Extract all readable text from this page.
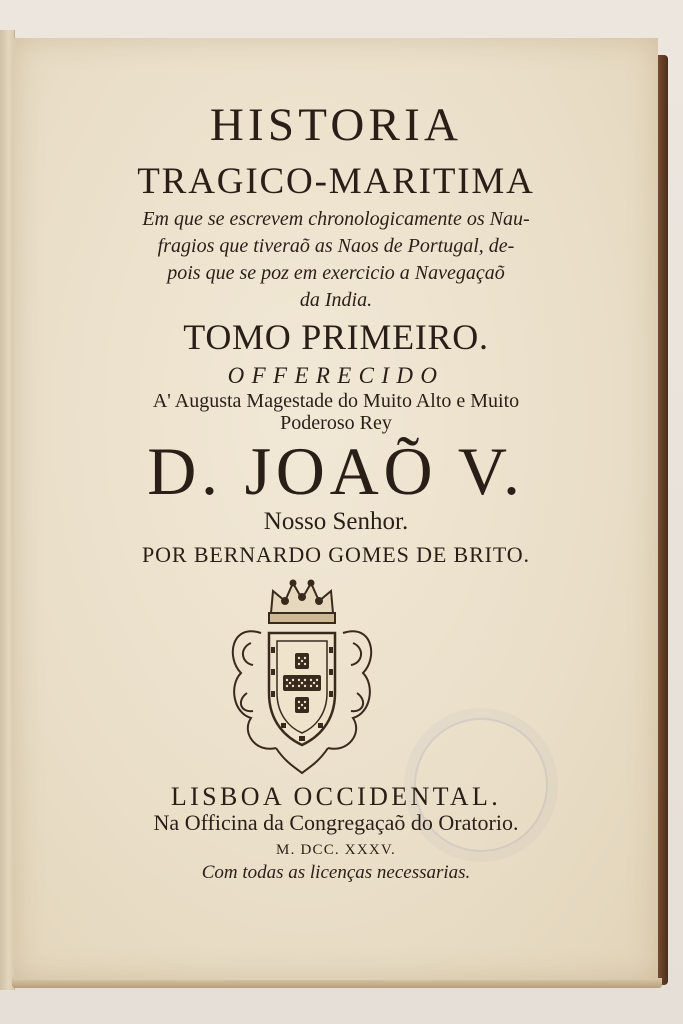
HISTORIA
TRAGICO-MARITIMA
Em que se escrevem chronologicamente os Nau-
fragios que tiveraõ as Naos de Portugal, de-
pois que se poz em exercicio a Navegaçaõ
da India.
TOMO PRIMEIRO.
OFFERECIDO
A' Augusta Magestade do Muito Alto e Muito
Poderoso Rey
D. JOAÕ V.
Nosso Senhor.
POR BERNARDO GOMES DE BRITO.
LISBOA OCCIDENTAL.
Na Officina da Congregaçaõ do Oratorio.
M. DCC. XXXV.
Com todas as licenças necessarias.
